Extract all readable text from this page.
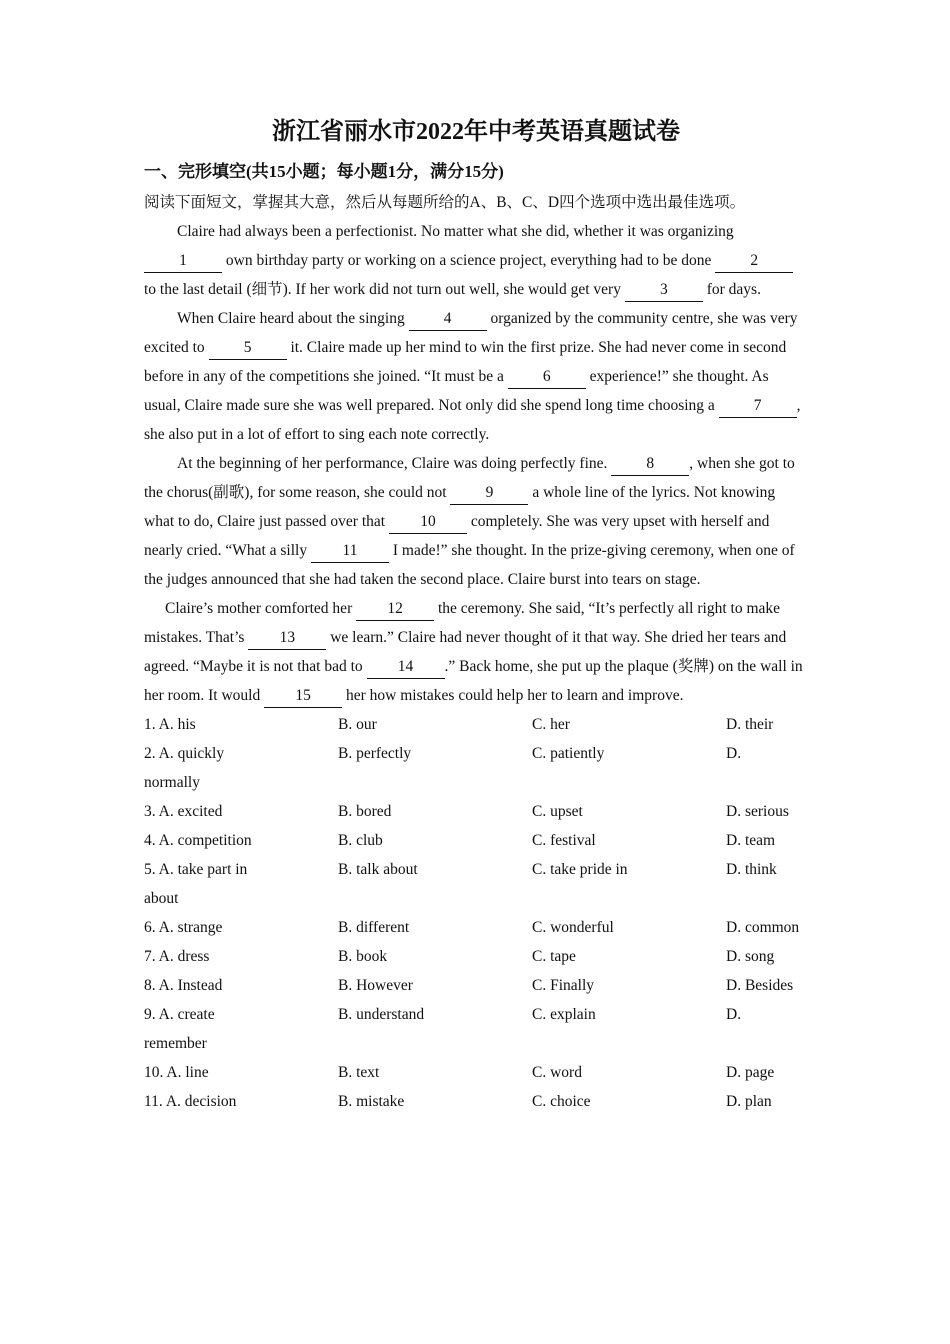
浙江省丽水市2022年中考英语真题试卷
一、完形填空(共15小题；每小题1分，满分15分)

阅读下面短文，掌握其大意，然后从每题所给的A、B、C、D四个选项中选出最佳选项。

Claire had always been a perfectionist. No matter what she did, whether it was organizing 1 own birthday party or working on a science project, everything had to be done 2 to the last detail (细节). If her work did not turn out well, she would get very 3 for days.

When Claire heard about the singing 4 organized by the community centre, she was very excited to 5 it. Claire made up her mind to win the first prize. She had never come in second before in any of the competitions she joined. “It must be a 6 experience!” she thought. As usual, Claire made sure she was well prepared. Not only did she spend long time choosing a 7 , she also put in a lot of effort to sing each note correctly.

At the beginning of her performance, Claire was doing perfectly fine. 8 , when she got to the chorus(副歌), for some reason, she could not 9 a whole line of the lyrics. Not knowing what to do, Claire just passed over that 10 completely. She was very upset with herself and nearly cried. “What a silly 11 I made!” she thought. In the prize-giving ceremony, when one of the judges announced that she had taken the second place. Claire burst into tears on stage.

Claire’s mother comforted her 12 the ceremony. She said, “It’s perfectly all right to make mistakes. That’s 13 we learn.” Claire had never thought of it that way. She dried her tears and agreed. “Maybe it is not that bad to 14 .” Back home, she put up the plaque (奖牌) on the wall in her room. It would 15 her how mistakes could help her to learn and improve.

1. A. his	B. our	C. her	D. their
2. A. quickly	B. perfectly	C. patiently	D.
normally
3. A. excited	B. bored	C. upset	D. serious
4. A. competition	B. club	C. festival	D. team
5. A. take part in	B. talk about	C. take pride in	D. think
about
6. A. strange	B. different	C. wonderful	D. common
7. A. dress	B. book	C. tape	D. song
8. A. Instead	B. However	C. Finally	D. Besides
9. A. create	B. understand	C. explain	D.
remember
10. A. line	B. text	C. word	D. page
11. A. decision	B. mistake	C. choice	D. plan
